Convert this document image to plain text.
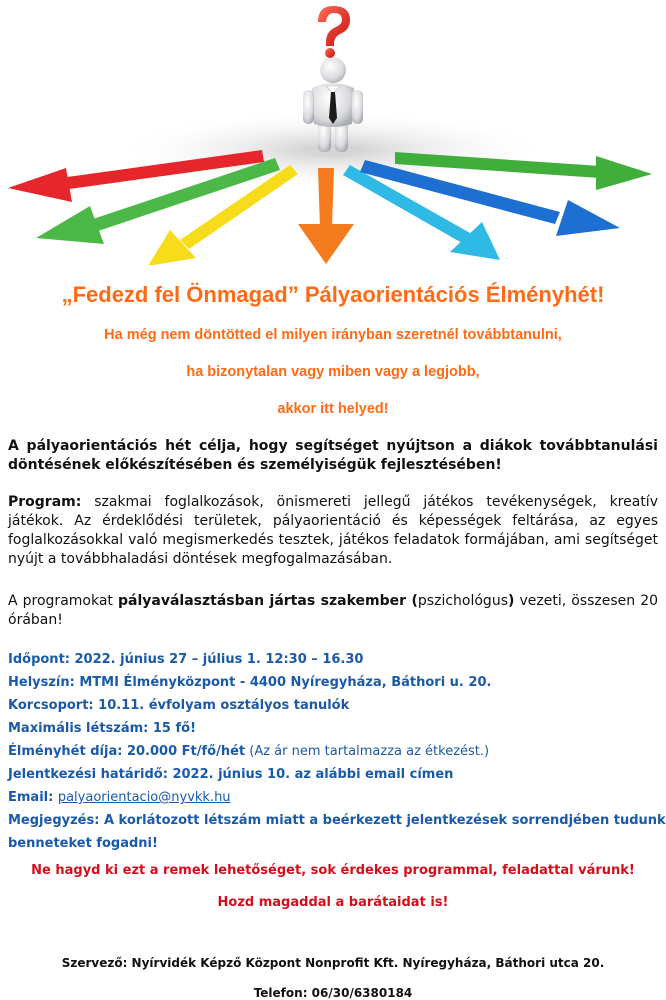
„Fedezd fel Önmagad” Pályaorientációs Élményhét!
Ha még nem döntötted el milyen irányban szeretnél továbbtanulni,
ha bizonytalan vagy miben vagy a legjobb,
akkor itt helyed!
A pályaorientációs hét célja, hogy segítséget nyújtson a diákok továbbtanulási döntésének előkészítésében és személyiségük fejlesztésében!
Program: szakmai foglalkozások, önismereti jellegű játékos tevékenységek, kreatív játékok. Az érdeklődési területek, pályaorientáció és képességek feltárása, az egyes foglalkozásokkal való megismerkedés tesztek, játékos feladatok formájában, ami segítséget nyújt a továbbhaladási döntések megfogalmazásában.
A programokat pályaválasztásban jártas szakember (pszichológus) vezeti, összesen 20 órában!
Időpont: 2022. június 27 – július 1. 12:30 – 16.30
Helyszín: MTMI Élményközpont - 4400 Nyíregyháza, Báthori u. 20.
Korcsoport: 10.11. évfolyam osztályos tanulók
Maximális létszám: 15 fő!
Élményhét díja: 20.000 Ft/fő/hét (Az ár nem tartalmazza az étkezést.)
Jelentkezési határidő: 2022. június 10. az alábbi email címen
Email: palyaorientacio@nyvkk.hu
Megjegyzés: A korlátozott létszám miatt a beérkezett jelentkezések sorrendjében tudunk
benneteket fogadni!
Ne hagyd ki ezt a remek lehetőséget, sok érdekes programmal, feladattal várunk!
Hozd magaddal a barátaidat is!
Szervező: Nyírvidék Képző Központ Nonprofit Kft. Nyíregyháza, Báthori utca 20.
Telefon: 06/30/6380184
